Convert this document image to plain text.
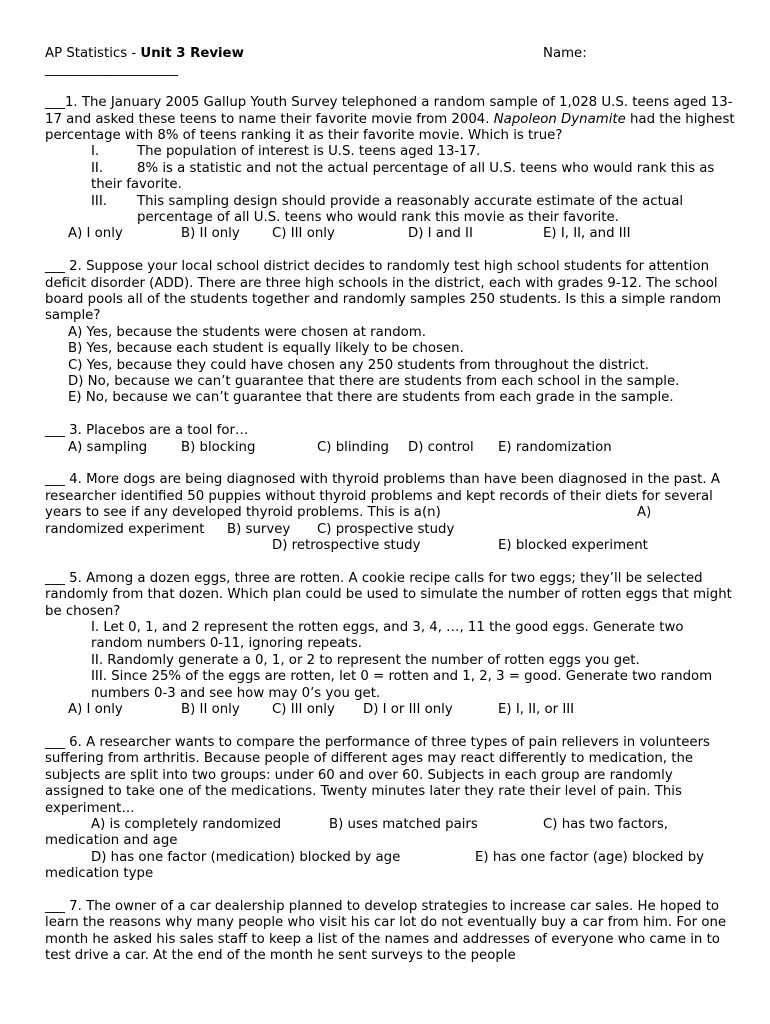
AP Statistics - Unit 3 Review	Name:
____________________
___1. The January 2005 Gallup Youth Survey telephoned a random sample of 1,028 U.S. teens aged 13-17 and asked these teens to name their favorite movie from 2004. Napoleon Dynamite had the highest percentage with 8% of teens ranking it as their favorite movie. Which is true?
I.	The population of interest is U.S. teens aged 13-17.
II.	8% is a statistic and not the actual percentage of all U.S. teens who would rank this as their favorite.
III.	This sampling design should provide a reasonably accurate estimate of the actual percentage of all U.S. teens who would rank this movie as their favorite.
A) I only	B) II only C) III only	D) I and II	E) I, II, and III
___ 2. Suppose your local school district decides to randomly test high school students for attention deficit disorder (ADD). There are three high schools in the district, each with grades 9-12. The school board pools all of the students together and randomly samples 250 students. Is this a simple random sample?
A) Yes, because the students were chosen at random.
B) Yes, because each student is equally likely to be chosen.
C) Yes, because they could have chosen any 250 students from throughout the district.
D) No, because we can’t guarantee that there are students from each school in the sample.
E) No, because we can’t guarantee that there are students from each grade in the sample.
___ 3. Placebos are a tool for…
A) sampling	B) blocking	C) blinding D) control E) randomization
___ 4. More dogs are being diagnosed with thyroid problems than have been diagnosed in the past. A researcher identified 50 puppies without thyroid problems and kept records of their diets for several years to see if any developed thyroid problems. This is a(n)	A)
randomized experiment B) survey C) prospective study
D) retrospective study	E) blocked experiment
___ 5. Among a dozen eggs, three are rotten. A cookie recipe calls for two eggs; they’ll be selected randomly from that dozen. Which plan could be used to simulate the number of rotten eggs that might be chosen?
I. Let 0, 1, and 2 represent the rotten eggs, and 3, 4, …, 11 the good eggs. Generate two random numbers 0-11, ignoring repeats.
II. Randomly generate a 0, 1, or 2 to represent the number of rotten eggs you get.
III. Since 25% of the eggs are rotten, let 0 = rotten and 1, 2, 3 = good. Generate two random numbers 0-3 and see how may 0’s you get.
A) I only	B) II only C) III only D) I or III only	E) I, II, or III
___ 6. A researcher wants to compare the performance of three types of pain relievers in volunteers suffering from arthritis. Because people of different ages may react differently to medication, the subjects are split into two groups: under 60 and over 60. Subjects in each group are randomly assigned to take one of the medications. Twenty minutes later they rate their level of pain. This experiment…
A) is completely randomized	B) uses matched pairs	C) has two factors,
medication and age
D) has one factor (medication) blocked by age	E) has one factor (age) blocked by
medication type
___ 7. The owner of a car dealership planned to develop strategies to increase car sales. He hoped to learn the reasons why many people who visit his car lot do not eventually buy a car from him. For one month he asked his sales staff to keep a list of the names and addresses of everyone who came in to test drive a car. At the end of the month he sent surveys to the people
